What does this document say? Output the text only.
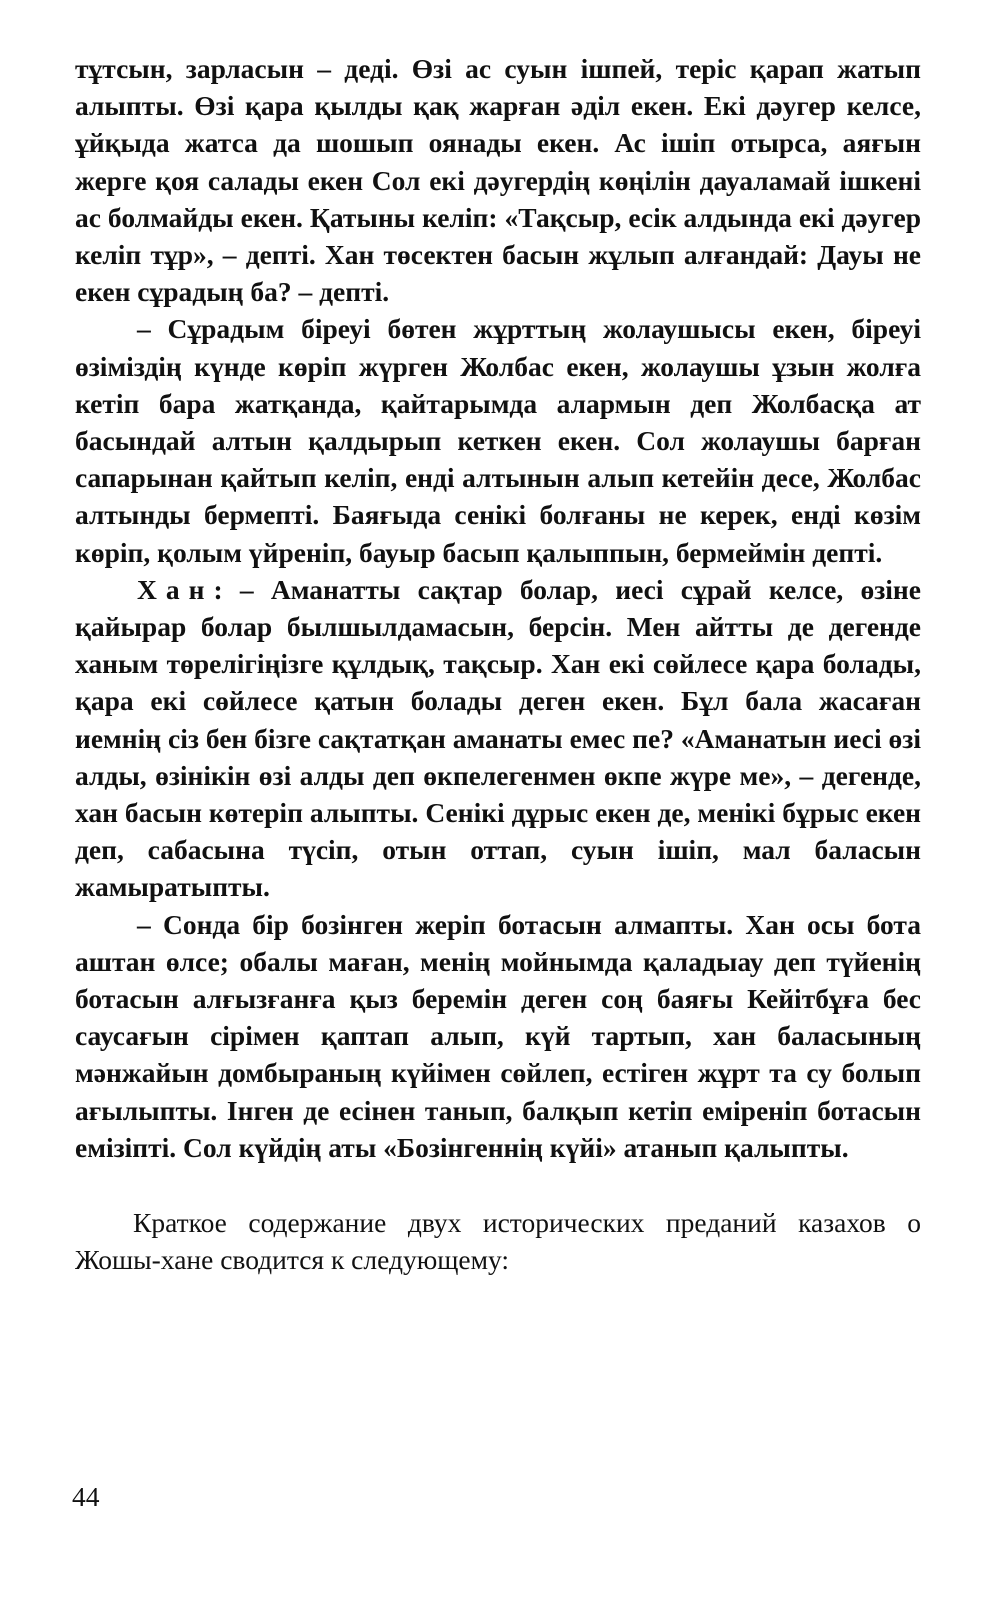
тұтсын, зарласын – деді. Өзі ас суын ішпей, теріс қарап жатып алыпты. Өзі қара қылды қақ жарған әділ екен. Екі дәугер келсе, ұйқыда жатса да шошып оянады екен. Ас ішіп отырса, аяғын жерге қоя салады екен Сол екі дәугердің көңілін дауаламай ішкені ас болмайды екен. Қатыны келіп: «Тақсыр, есік алдында екі дәугер келіп тұр», – депті. Хан төсектен басын жұлып алғандай: Дауы не екен сұрадың ба? – депті.

– Сұрадым біреуі бөтен жұрттың жолаушысы екен, біреуі өзіміздің күнде көріп жүрген Жолбас екен, жолаушы ұзын жолға кетіп бара жатқанда, қайтарымда алармын деп Жолбасқа ат басындай алтын қалдырып кеткен екен. Сол жолаушы барған сапарынан қайтып келіп, енді алтынын алып кетейін десе, Жолбас алтынды бермепті. Баяғыда сенікі болғаны не керек, енді көзім көріп, қолым үйреніп, бауыр басып қалыппын, бермеймін депті.

Хан: – Аманатты сақтар болар, иесі сұрай келсе, өзіне қайырар болар былшылдамасын, берсін. Мен айтты де дегенде ханым төрелігіңізге құлдық, тақсыр. Хан екі сөйлесе қара болады, қара екі сөйлесе қатын болады деген екен. Бұл бала жасаған иемнің сіз бен бізге сақтатқан аманаты емес пе? «Аманатын иесі өзі алды, өзінікін өзі алды деп өкпелегенмен өкпе жүре ме», – дегенде, хан басын көтеріп алыпты. Сенікі дұрыс екен де, менікі бұрыс екен деп, сабасына түсіп, отын оттап, суын ішіп, мал баласын жамыратыпты.

– Сонда бір бозінген жеріп ботасын алмапты. Хан осы бота аштан өлсе; обалы маған, менің мойнымда қаладыау деп түйенің ботасын алғызғанға қыз беремін деген соң баяғы Кейітбұға бес саусағын сірімен қаптап алып, күй тартып, хан баласының мәнжайын домбыраның күйімен сөйлеп, естіген жұрт та су болып ағылыпты. Інген де есінен танып, балқып кетіп еміреніп ботасын емізіпті. Сол күйдің аты «Бозінгеннің күйі» атанып қалыпты.

Краткое содержание двух исторических преданий казахов о Жошы-хане сводится к следующему:

44
